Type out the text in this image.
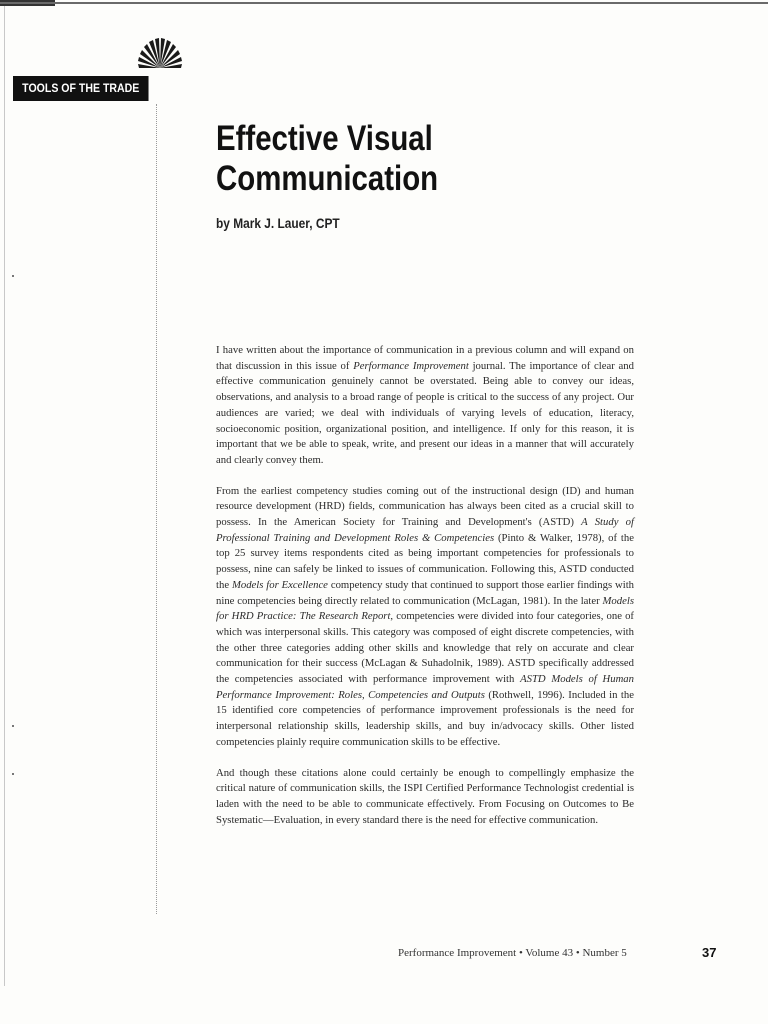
TOOLS OF THE TRADE
Effective Visual
Communication
by Mark J. Lauer, CPT

I have written about the importance of communication in a previous column and will expand on that discussion in this issue of Performance Improvement journal. The importance of clear and effective communication genuinely cannot be overstated. Being able to convey our ideas, observations, and analysis to a broad range of people is critical to the success of any project. Our audiences are varied; we deal with individuals of varying levels of education, literacy, socioeconomic position, organizational position, and intelligence. If only for this reason, it is important that we be able to speak, write, and present our ideas in a manner that will accurately and clearly convey them.

From the earliest competency studies coming out of the instructional design (ID) and human resource development (HRD) fields, communication has always been cited as a crucial skill to possess. In the American Society for Training and Development's (ASTD) A Study of Professional Training and Development Roles & Competencies (Pinto & Walker, 1978), of the top 25 survey items respondents cited as being important competencies for professionals to possess, nine can safely be linked to issues of communication. Following this, ASTD conducted the Models for Excellence competency study that continued to support those earlier findings with nine competencies being directly related to communication (McLagan, 1981). In the later Models for HRD Practice: The Research Report, competencies were divided into four categories, one of which was interpersonal skills. This category was composed of eight discrete competencies, with the other three categories adding other skills and knowledge that rely on accurate and clear communication for their success (McLagan & Suhadolnik, 1989). ASTD specifically addressed the competencies associated with performance improvement with ASTD Models of Human Performance Improvement: Roles, Competencies and Outputs (Rothwell, 1996). Included in the 15 identified core competencies of performance improvement professionals is the need for interpersonal relationship skills, leadership skills, and buy in/advocacy skills. Other listed competencies plainly require communication skills to be effective.

And though these citations alone could certainly be enough to compellingly emphasize the critical nature of communication skills, the ISPI Certified Performance Technologist credential is laden with the need to be able to communicate effectively. From Focusing on Outcomes to Be Systematic—Evaluation, in every standard there is the need for effective communication.

Performance Improvement • Volume 43 • Number 5	37
